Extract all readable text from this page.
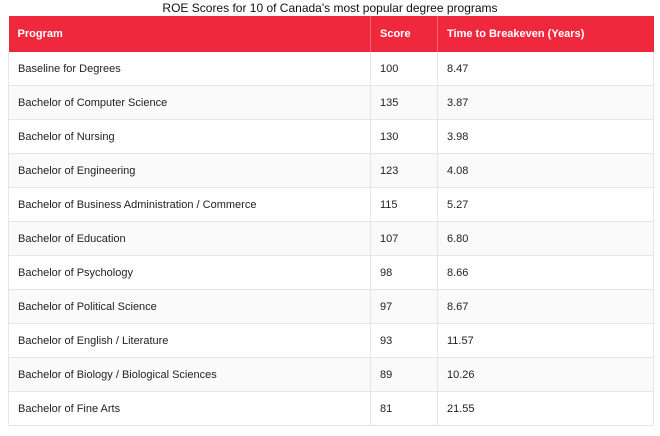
ROE Scores for 10 of Canada's most popular degree programs
Program	Score	Time to Breakeven (Years)
Baseline for Degrees	100	8.47
Bachelor of Computer Science	135	3.87
Bachelor of Nursing	130	3.98
Bachelor of Engineering	123	4.08
Bachelor of Business Administration / Commerce	115	5.27
Bachelor of Education	107	6.80
Bachelor of Psychology	98	8.66
Bachelor of Political Science	97	8.67
Bachelor of English / Literature	93	11.57
Bachelor of Biology / Biological Sciences	89	10.26
Bachelor of Fine Arts	81	21.55
